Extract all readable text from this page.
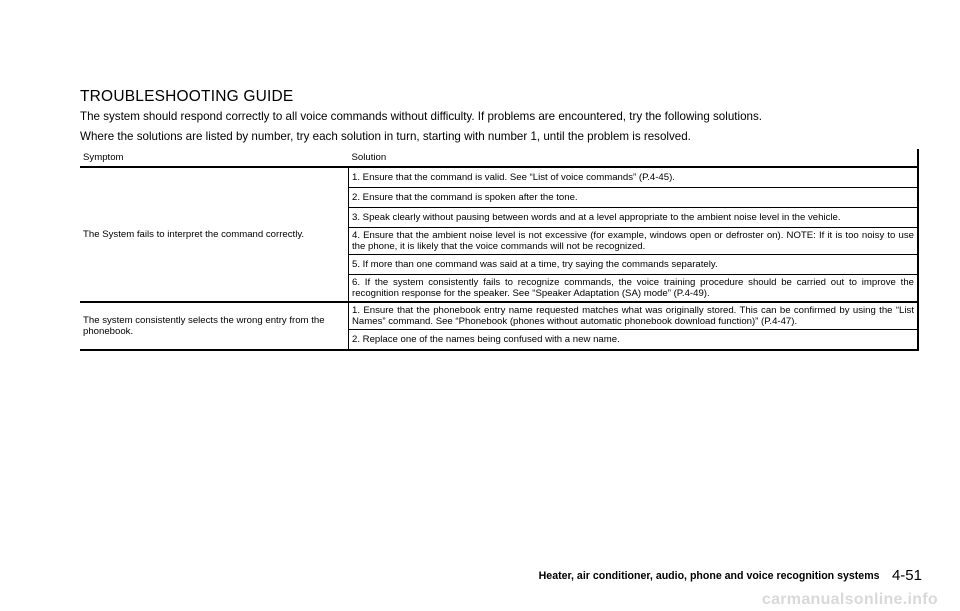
TROUBLESHOOTING GUIDE
The system should respond correctly to all voice commands without difficulty. If problems are encountered, try the following solutions.
Where the solutions are listed by number, try each solution in turn, starting with number 1, until the problem is resolved.
Symptom	Solution
The System fails to interpret the command correctly.	1. Ensure that the command is valid. See “List of voice commands” (P.4-45).
	2. Ensure that the command is spoken after the tone.
	3. Speak clearly without pausing between words and at a level appropriate to the ambient noise level in the vehicle.
	4. Ensure that the ambient noise level is not excessive (for example, windows open or defroster on). NOTE: If it is too noisy to use the phone, it is likely that the voice commands will not be recognized.
	5. If more than one command was said at a time, try saying the commands separately.
	6. If the system consistently fails to recognize commands, the voice training procedure should be carried out to improve the recognition response for the speaker. See “Speaker Adaptation (SA) mode” (P.4-49).
The system consistently selects the wrong entry from the phonebook.	1. Ensure that the phonebook entry name requested matches what was originally stored. This can be confirmed by using the “List Names” command. See “Phonebook (phones without automatic phonebook download function)” (P.4-47).
	2. Replace one of the names being confused with a new name.
Heater, air conditioner, audio, phone and voice recognition systems 4-51
carmanualsonline.info
